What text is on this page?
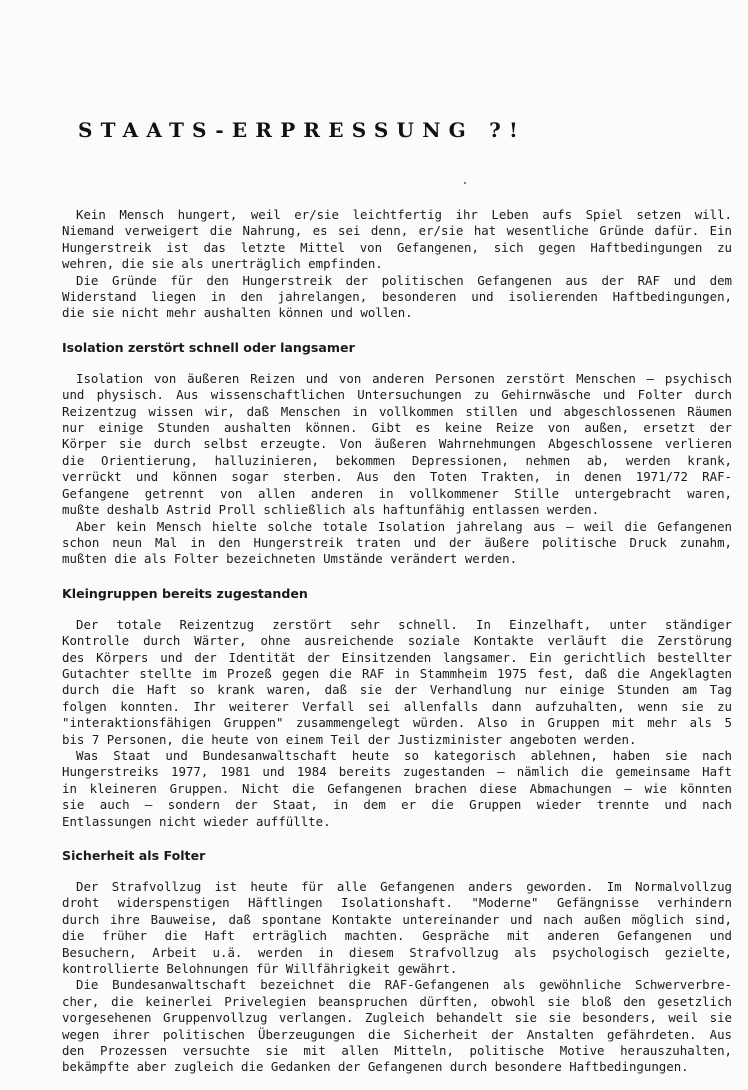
STAATS-ERPRESSUNG ?!

Kein Mensch hungert, weil er/sie leichtfertig ihr Leben aufs Spiel setzen will.
Niemand verweigert die Nahrung, es sei denn, er/sie hat wesentliche Gründe dafür. Ein
Hungerstreik ist das letzte Mittel von Gefangenen, sich gegen Haftbedingungen zu
wehren, die sie als unerträglich empfinden.

Die Gründe für den Hungerstreik der politischen Gefangenen aus der RAF und dem
Widerstand liegen in den jahrelangen, besonderen und isolierenden Haftbedingungen,
die sie nicht mehr aushalten können und wollen.

Isolation zerstört schnell oder langsamer

Isolation von äußeren Reizen und von anderen Personen zerstört Menschen – psychisch
und physisch. Aus wissenschaftlichen Untersuchungen zu Gehirnwäsche und Folter durch
Reizentzug wissen wir, daß Menschen in vollkommen stillen und abgeschlossenen Räumen
nur einige Stunden aushalten können. Gibt es keine Reize von außen, ersetzt der
Körper sie durch selbst erzeugte. Von äußeren Wahrnehmungen Abgeschlossene verlieren
die Orientierung, halluzinieren, bekommen Depressionen, nehmen ab, werden krank,
verrückt und können sogar sterben. Aus den Toten Trakten, in denen 1971/72 RAF-
Gefangene getrennt von allen anderen in vollkommener Stille untergebracht waren,
mußte deshalb Astrid Proll schließlich als haftunfähig entlassen werden.

Aber kein Mensch hielte solche totale Isolation jahrelang aus – weil die Gefangenen
schon neun Mal in den Hungerstreik traten und der äußere politische Druck zunahm,
mußten die als Folter bezeichneten Umstände verändert werden.

Kleingruppen bereits zugestanden

Der totale Reizentzug zerstört sehr schnell. In Einzelhaft, unter ständiger
Kontrolle durch Wärter, ohne ausreichende soziale Kontakte verläuft die Zerstörung
des Körpers und der Identität der Einsitzenden langsamer. Ein gerichtlich bestellter
Gutachter stellte im Prozeß gegen die RAF in Stammheim 1975 fest, daß die Angeklagten
durch die Haft so krank waren, daß sie der Verhandlung nur einige Stunden am Tag
folgen konnten. Ihr weiterer Verfall sei allenfalls dann aufzuhalten, wenn sie zu
"interaktionsfähigen Gruppen" zusammengelegt würden. Also in Gruppen mit mehr als 5
bis 7 Personen, die heute von einem Teil der Justizminister angeboten werden.

Was Staat und Bundesanwaltschaft heute so kategorisch ablehnen, haben sie nach
Hungerstreiks 1977, 1981 und 1984 bereits zugestanden – nämlich die gemeinsame Haft
in kleineren Gruppen. Nicht die Gefangenen brachen diese Abmachungen – wie könnten
sie auch – sondern der Staat, in dem er die Gruppen wieder trennte und nach
Entlassungen nicht wieder auffüllte.

Sicherheit als Folter

Der Strafvollzug ist heute für alle Gefangenen anders geworden. Im Normalvollzug
droht widerspenstigen Häftlingen Isolationshaft. "Moderne" Gefängnisse verhindern
durch ihre Bauweise, daß spontane Kontakte untereinander und nach außen möglich sind,
die früher die Haft erträglich machten. Gespräche mit anderen Gefangenen und
Besuchern, Arbeit u.ä. werden in diesem Strafvollzug als psychologisch gezielte,
kontrollierte Belohnungen für Willfährigkeit gewährt.

Die Bundesanwaltschaft bezeichnet die RAF-Gefangenen als gewöhnliche Schwerverbre-
cher, die keinerlei Privelegien beanspruchen dürften, obwohl sie bloß den gesetzlich
vorgesehenen Gruppenvollzug verlangen. Zugleich behandelt sie sie besonders, weil sie
wegen ihrer politischen Überzeugungen die Sicherheit der Anstalten gefährdeten. Aus
den Prozessen versuchte sie mit allen Mitteln, politische Motive herauszuhalten,
bekämpfte aber zugleich die Gedanken der Gefangenen durch besondere Haftbedingungen.
